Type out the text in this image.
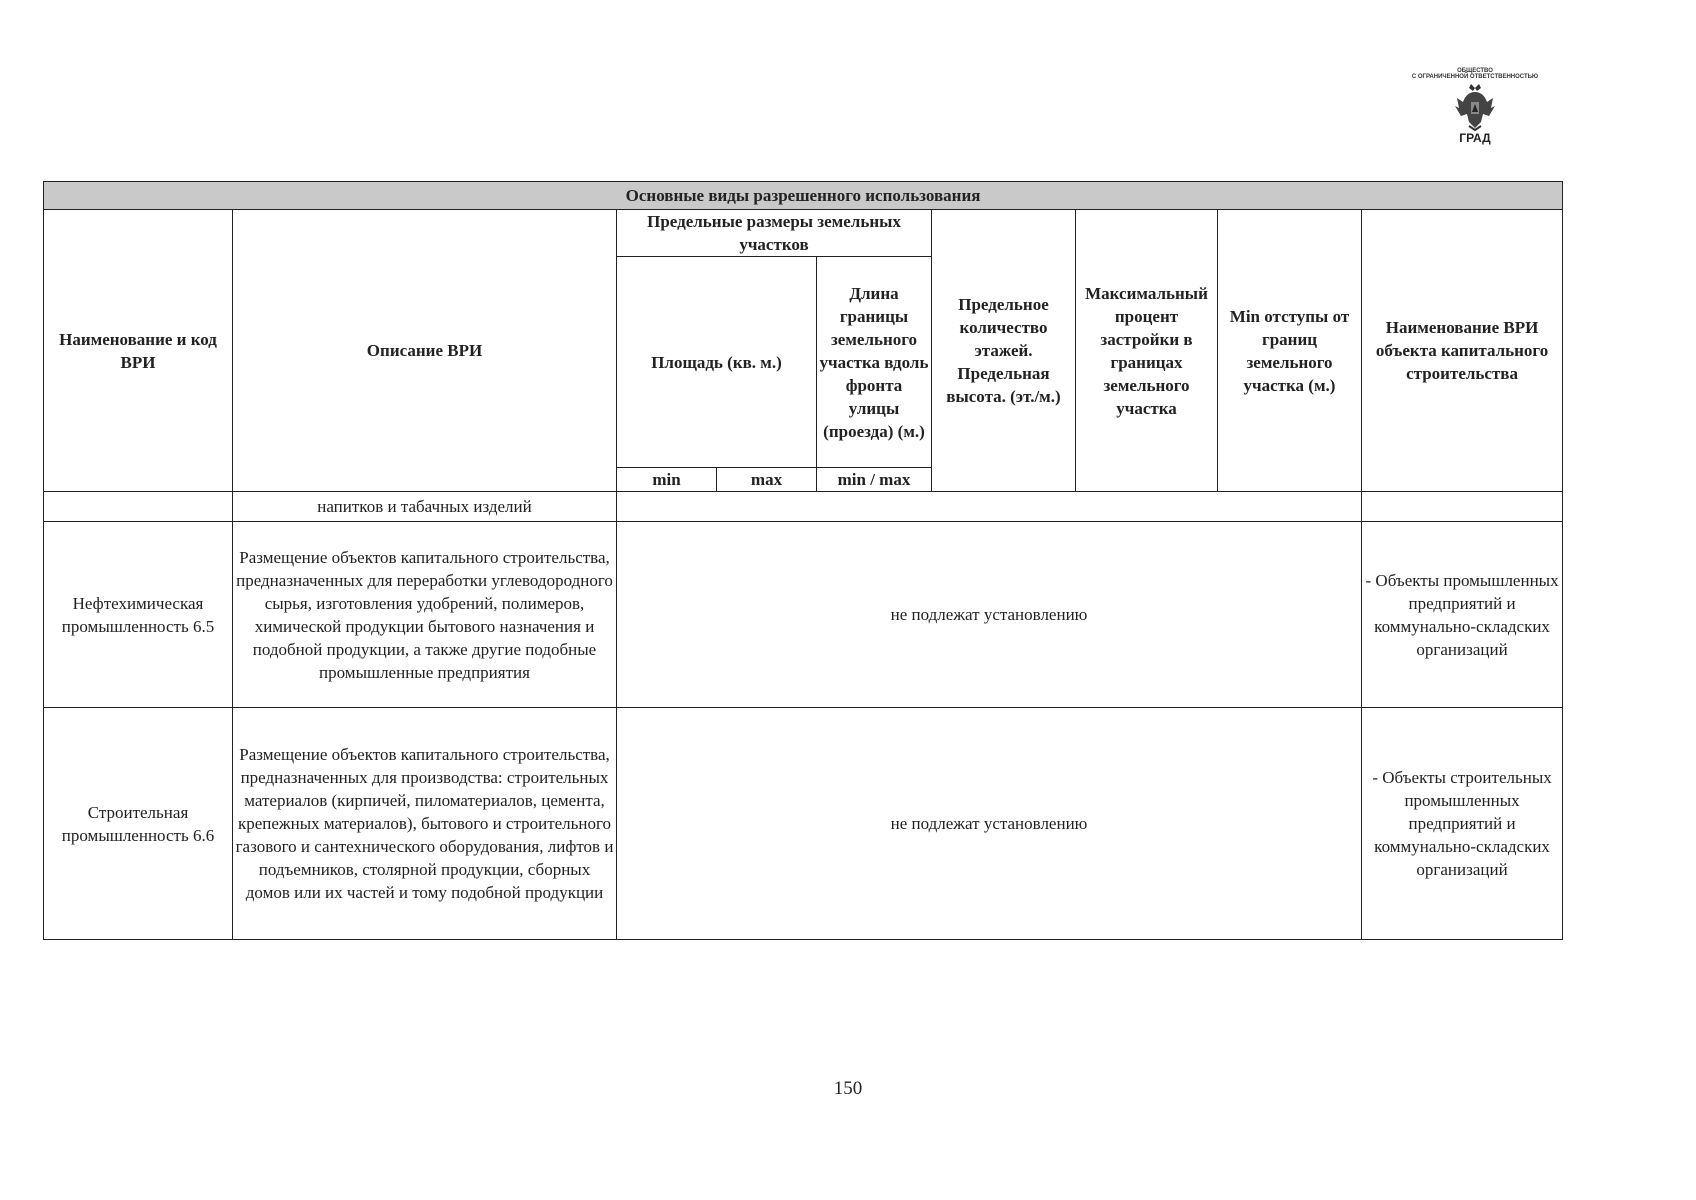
ОБЩЕСТВО
С ОГРАНИЧЕННОЙ ОТВЕТСТВЕННОСТЬЮ
ГРАД
Основные виды разрешенного использования								
Наименование и код ВРИ	Описание ВРИ	Предельные размеры земельных участков			Предельное количество этажей. Предельная высота. (эт./м.)	Максимальный процент застройки в границах земельного участка	Min отступы от границ земельного участка (м.)	Наименование ВРИ объекта капитального строительства
		Площадь (кв. м.)		Длина границы земельного участка вдоль фронта улицы (проезда) (м.)				
		min	max	min / max				
	напитков и табачных изделий							
Нефтехимическая промышленность 6.5	Размещение объектов капитального строительства, предназначенных для переработки углеводородного сырья, изготовления удобрений, полимеров, химической продукции бытового назначения и подобной продукции, а также другие подобные промышленные предприятия	не подлежат установлению						- Объекты промышленных предприятий и коммунально-складских организаций
Строительная промышленность 6.6	Размещение объектов капитального строительства, предназначенных для производства: строительных материалов (кирпичей, пиломатериалов, цемента, крепежных материалов), бытового и строительного газового и сантехнического оборудования, лифтов и подъемников, столярной продукции, сборных домов или их частей и тому подобной продукции	не подлежат установлению						- Объекты строительных промышленных предприятий и коммунально-складских организаций
150
